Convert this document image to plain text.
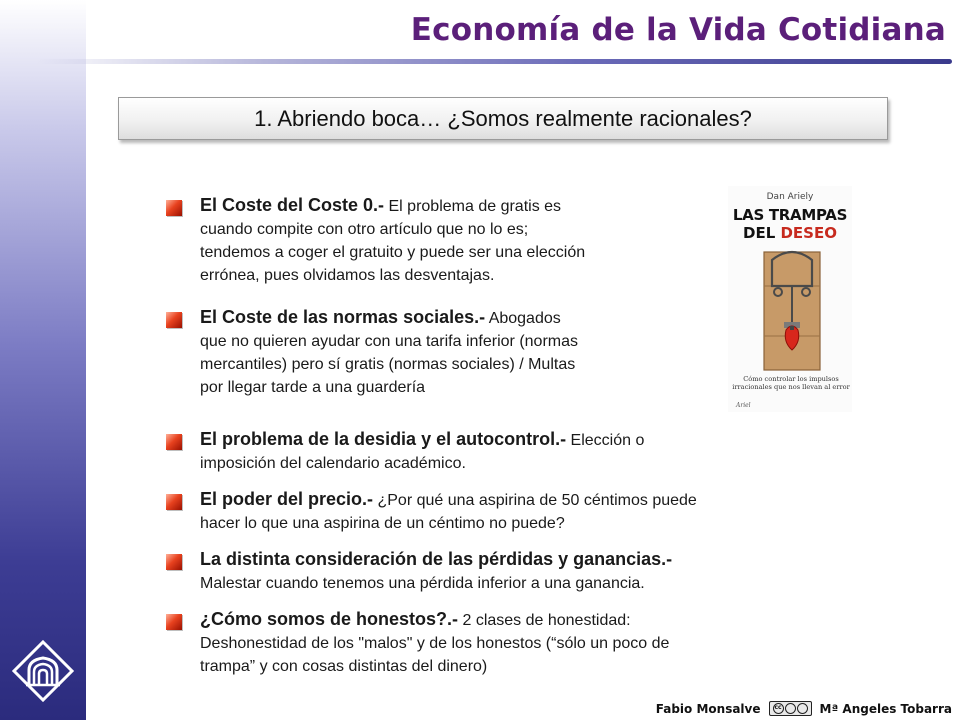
Economía de la Vida Cotidiana
1. Abriendo boca… ¿Somos realmente racionales?
El Coste del Coste 0.- El problema de gratis es
cuando compite con otro artículo que no lo es;
tendemos a coger el gratuito y puede ser una elección
errónea, pues olvidamos las desventajas.
El Coste de las normas sociales.- Abogados
que no quieren ayudar con una tarifa inferior (normas
mercantiles) pero sí gratis (normas sociales) / Multas
por llegar tarde a una guardería
El problema de la desidia y el autocontrol.- Elección o
imposición del calendario académico.
El poder del precio.- ¿Por qué una aspirina de 50 céntimos puede
hacer lo que una aspirina de un céntimo no puede?
La distinta consideración de las pérdidas y ganancias.-
Malestar cuando tenemos una pérdida inferior a una ganancia.
¿Cómo somos de honestos?.- 2 clases de honestidad:
Deshonestidad de los "malos" y de los honestos (“sólo un poco de
trampa” y con cosas distintas del dinero)
Dan Ariely
LAS TRAMPAS
DEL DESEO
Cómo controlar los impulsos irracionales que nos llevan al error
Ariel
Fabio Monsalve	cc	Mª Angeles Tobarra
